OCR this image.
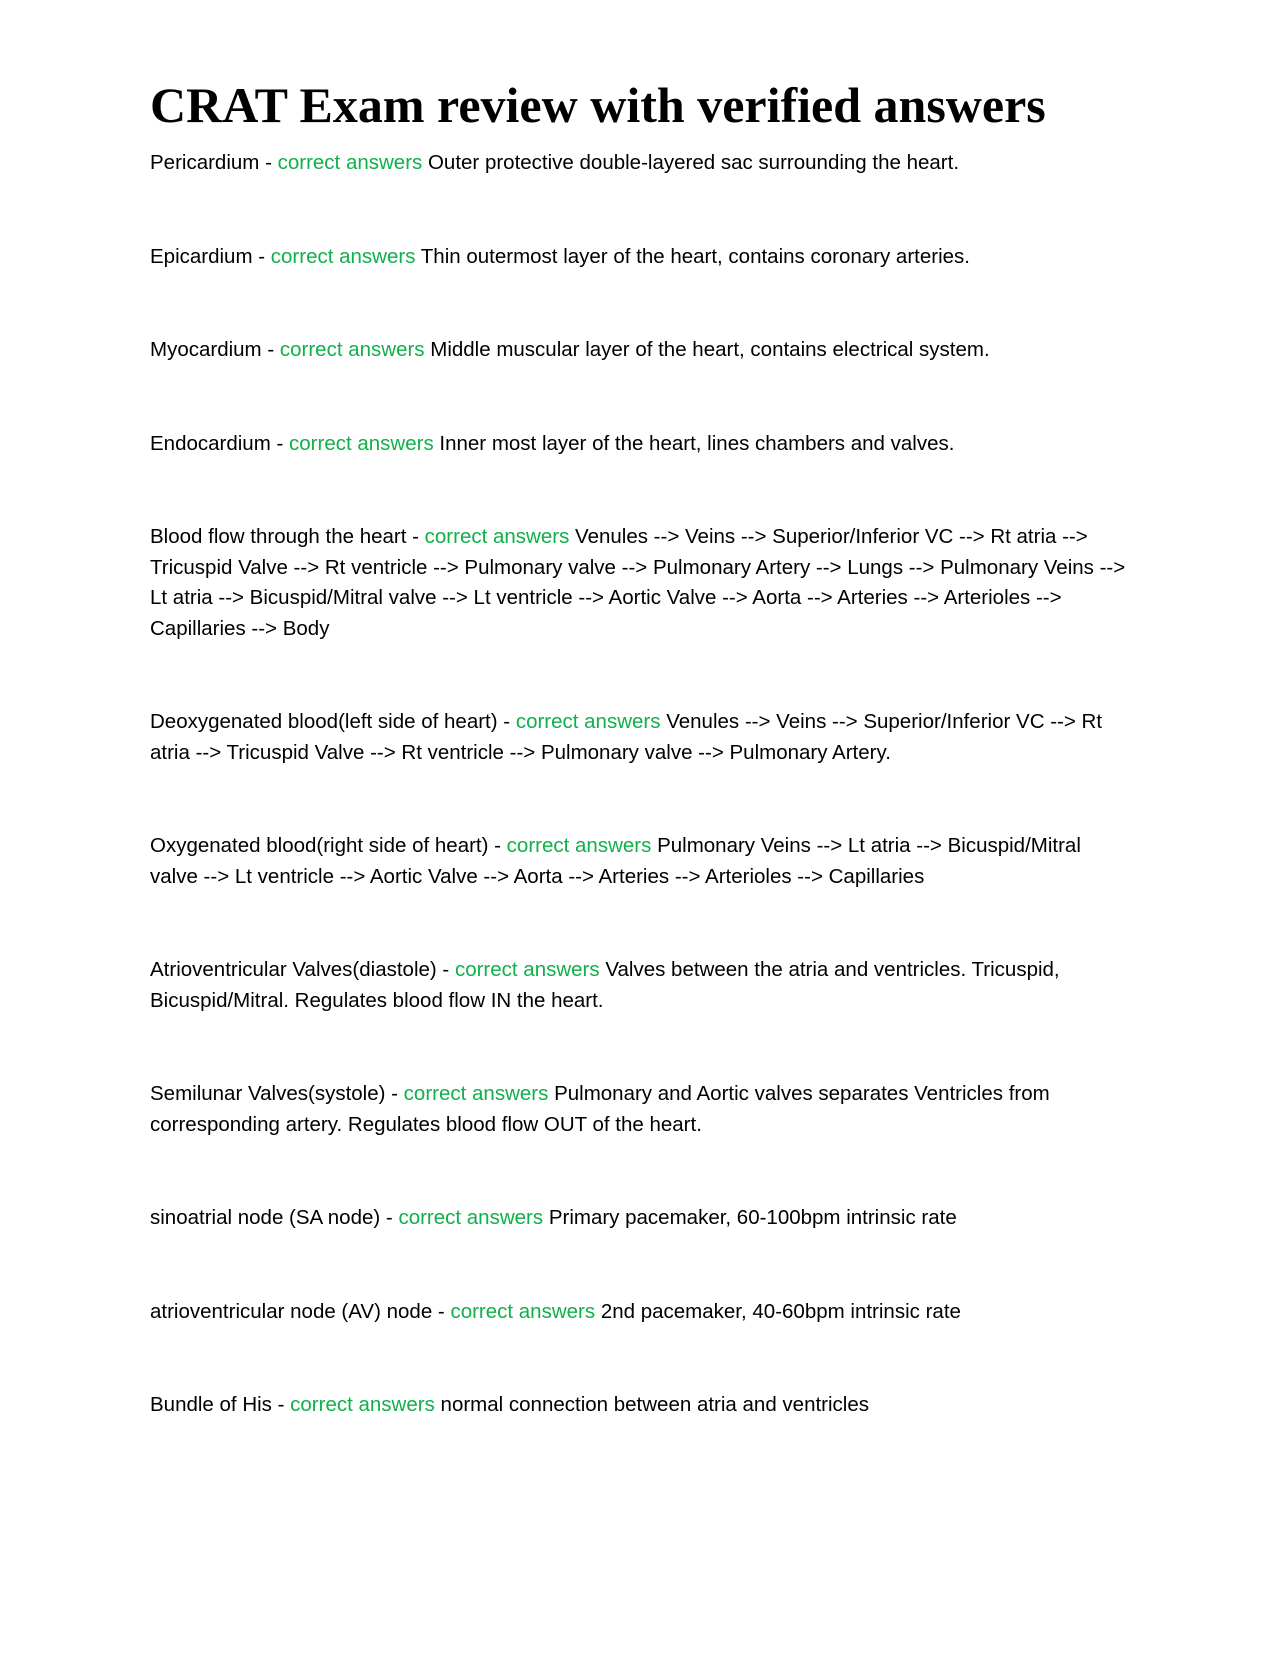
CRAT Exam review with verified answers

Pericardium - correct answers Outer protective double-layered sac surrounding the heart.

Epicardium - correct answers Thin outermost layer of the heart, contains coronary arteries.

Myocardium - correct answers Middle muscular layer of the heart, contains electrical system.

Endocardium - correct answers Inner most layer of the heart, lines chambers and valves.

Blood flow through the heart - correct answers Venules --> Veins --> Superior/Inferior VC --> Rt atria --> Tricuspid Valve --> Rt ventricle --> Pulmonary valve --> Pulmonary Artery --> Lungs --> Pulmonary Veins --> Lt atria --> Bicuspid/Mitral valve --> Lt ventricle --> Aortic Valve --> Aorta --> Arteries --> Arterioles --> Capillaries --> Body

Deoxygenated blood(left side of heart) - correct answers Venules --> Veins --> Superior/Inferior VC --> Rt atria --> Tricuspid Valve --> Rt ventricle --> Pulmonary valve --> Pulmonary Artery.

Oxygenated blood(right side of heart) - correct answers Pulmonary Veins --> Lt atria --> Bicuspid/Mitral valve --> Lt ventricle --> Aortic Valve --> Aorta --> Arteries --> Arterioles --> Capillaries

Atrioventricular Valves(diastole) - correct answers Valves between the atria and ventricles. Tricuspid, Bicuspid/Mitral. Regulates blood flow IN the heart.

Semilunar Valves(systole) - correct answers Pulmonary and Aortic valves separates Ventricles from corresponding artery. Regulates blood flow OUT of the heart.

sinoatrial node (SA node) - correct answers Primary pacemaker, 60-100bpm intrinsic rate

atrioventricular node (AV) node - correct answers 2nd pacemaker, 40-60bpm intrinsic rate

Bundle of His - correct answers normal connection between atria and ventricles
